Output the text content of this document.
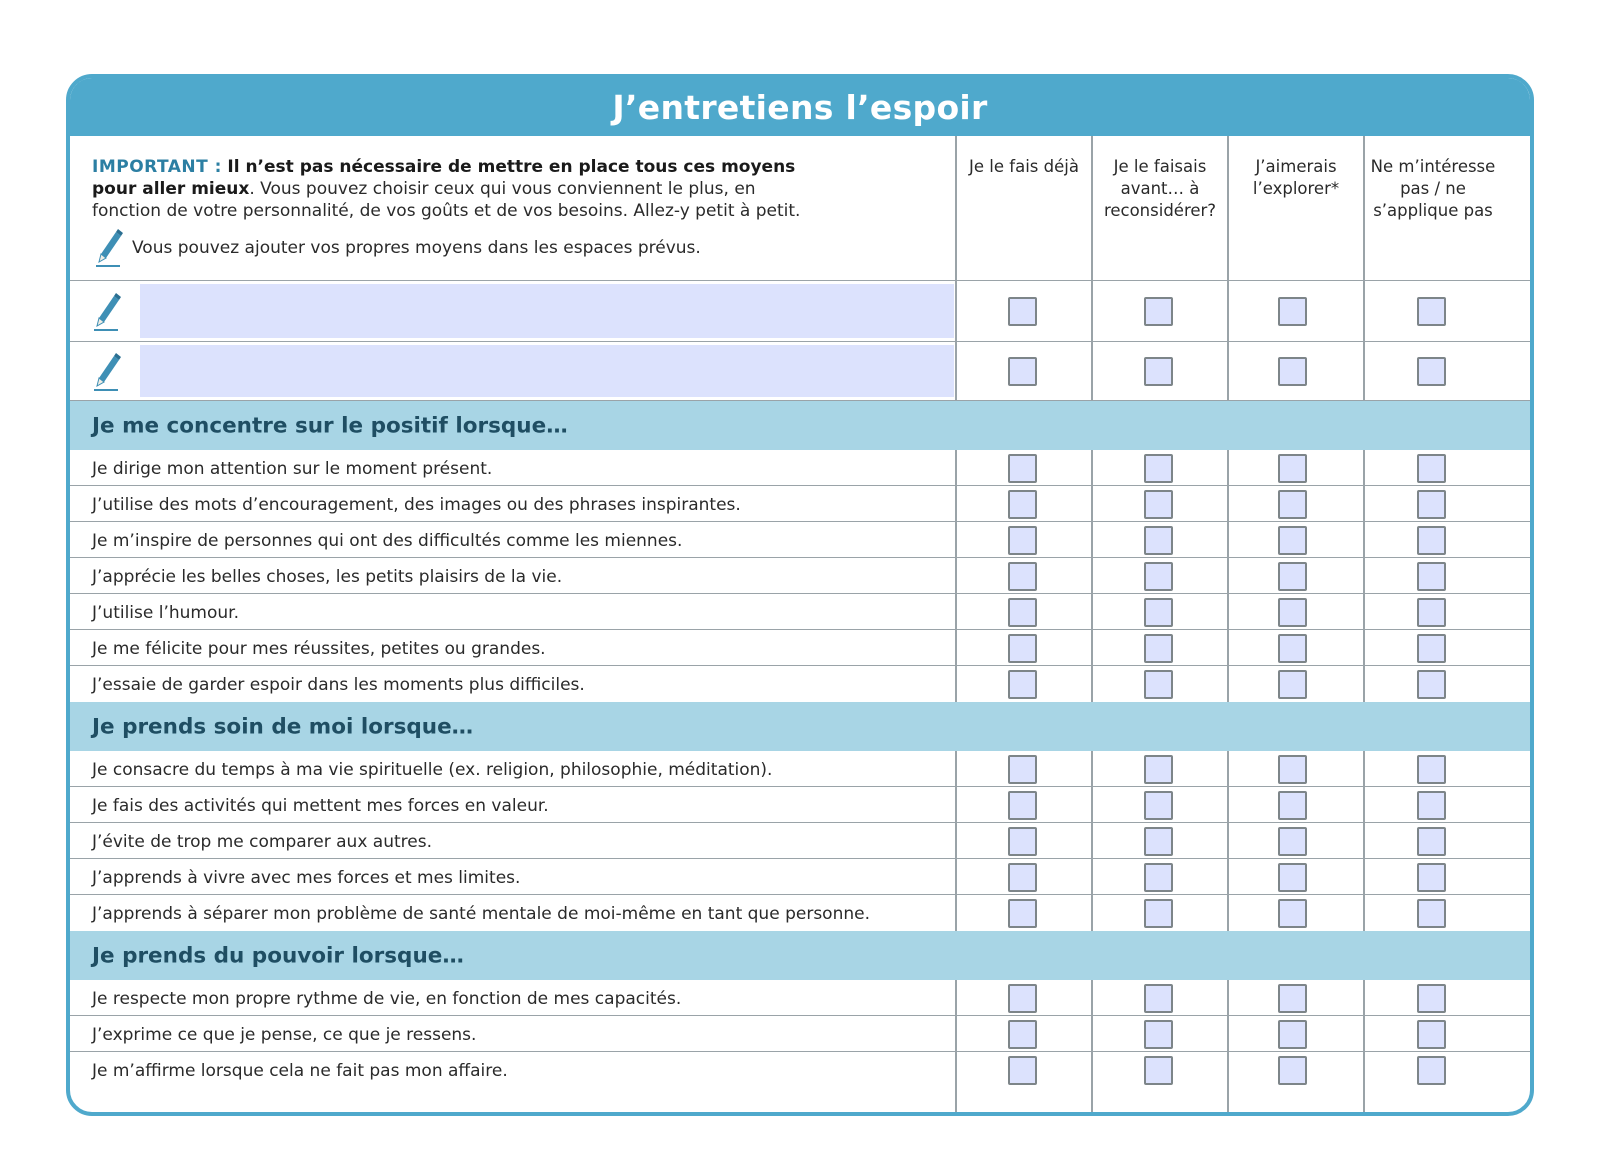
J’entretiens l’espoir
IMPORTANT : Il n’est pas nécessaire de mettre en place tous ces moyens pour aller mieux. Vous pouvez choisir ceux qui vous conviennent le plus, en fonction de votre personnalité, de vos goûts et de vos besoins. Allez-y petit à petit.
Vous pouvez ajouter vos propres moyens dans les espaces prévus.
Je le fais déjà	Je le faisais avant… à reconsidérer?
J’aimerais l’explorer*
Ne m’intéresse pas / ne s’applique pas
Je me concentre sur le positif lorsque…
Je dirige mon attention sur le moment présent.
J’utilise des mots d’encouragement, des images ou des phrases inspirantes.
Je m’inspire de personnes qui ont des difficultés comme les miennes.
J’apprécie les belles choses, les petits plaisirs de la vie.
J’utilise l’humour.
Je me félicite pour mes réussites, petites ou grandes.
J’essaie de garder espoir dans les moments plus difficiles.
Je prends soin de moi lorsque…
Je consacre du temps à ma vie spirituelle (ex. religion, philosophie, méditation).
Je fais des activités qui mettent mes forces en valeur.
J’évite de trop me comparer aux autres.
J’apprends à vivre avec mes forces et mes limites.
J’apprends à séparer mon problème de santé mentale de moi-même en tant que personne.
Je prends du pouvoir lorsque…
Je respecte mon propre rythme de vie, en fonction de mes capacités.
J’exprime ce que je pense, ce que je ressens.
Je m’affirme lorsque cela ne fait pas mon affaire.
